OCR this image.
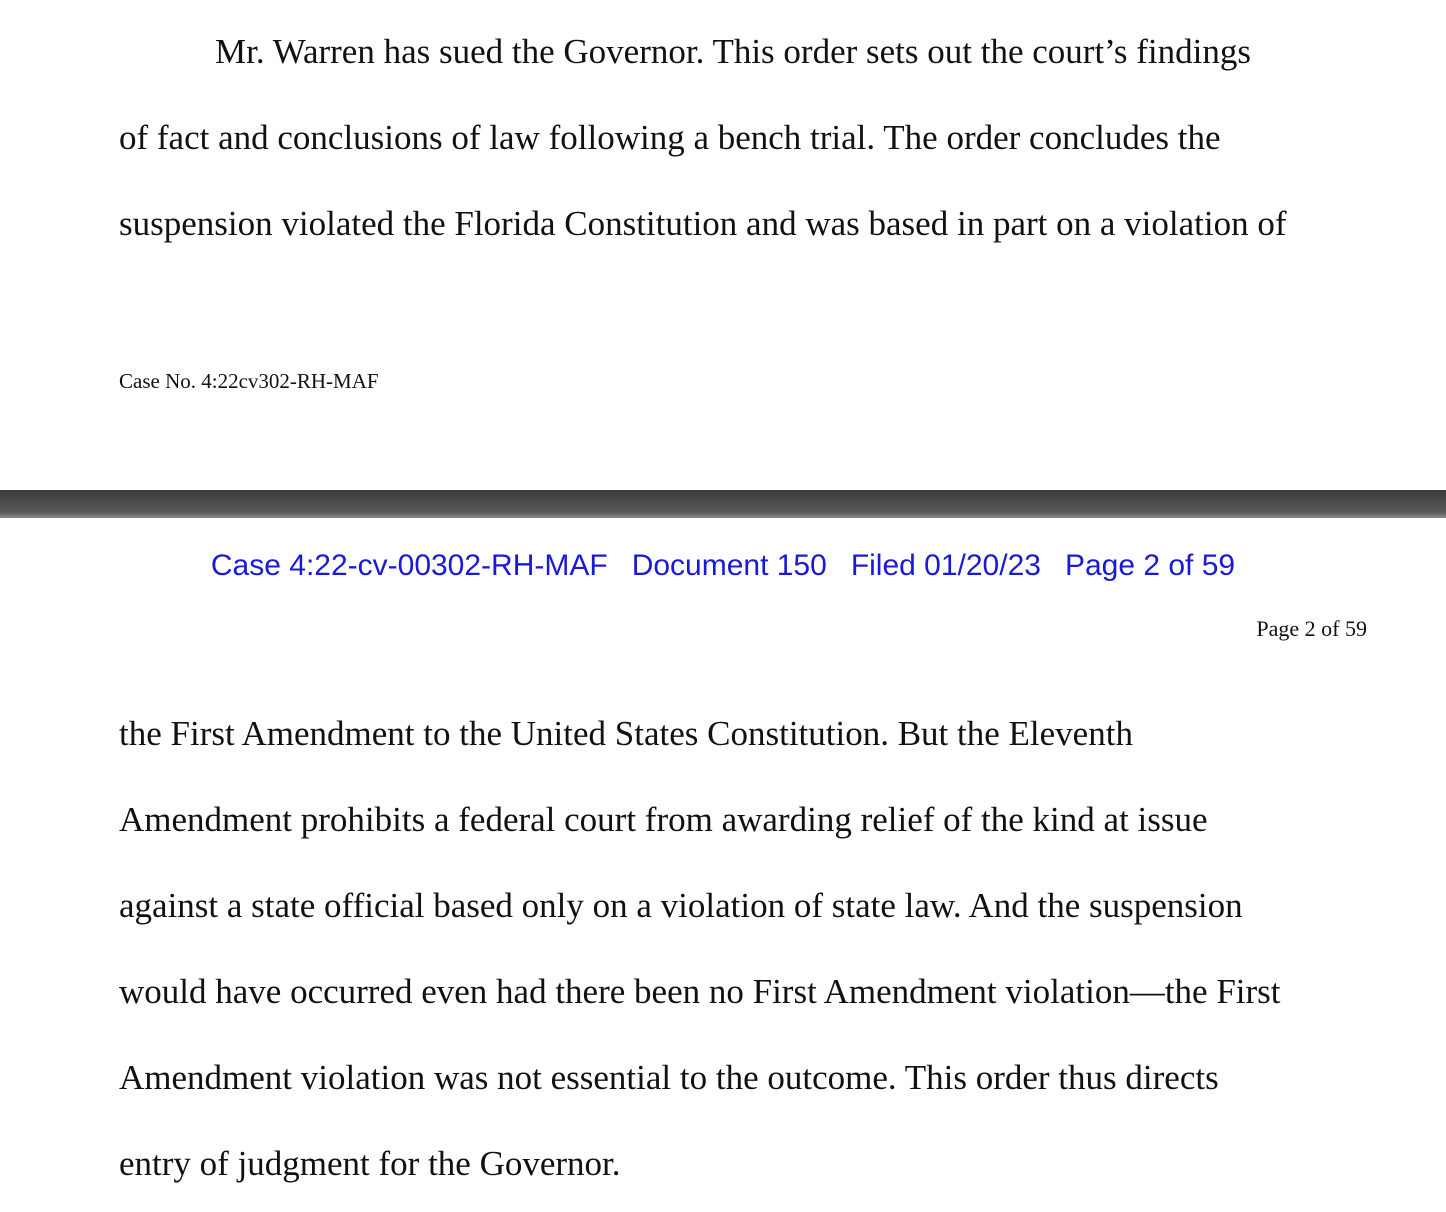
Mr. Warren has sued the Governor. This order sets out the court’s findings
of fact and conclusions of law following a bench trial. The order concludes the
suspension violated the Florida Constitution and was based in part on a violation of
Case No. 4:22cv302-RH-MAF
Case 4:22-cv-00302-RH-MAF Document 150 Filed 01/20/23 Page 2 of 59
Page 2 of 59
the First Amendment to the United States Constitution. But the Eleventh
Amendment prohibits a federal court from awarding relief of the kind at issue
against a state official based only on a violation of state law. And the suspension
would have occurred even had there been no First Amendment violation—the First
Amendment violation was not essential to the outcome. This order thus directs
entry of judgment for the Governor.
